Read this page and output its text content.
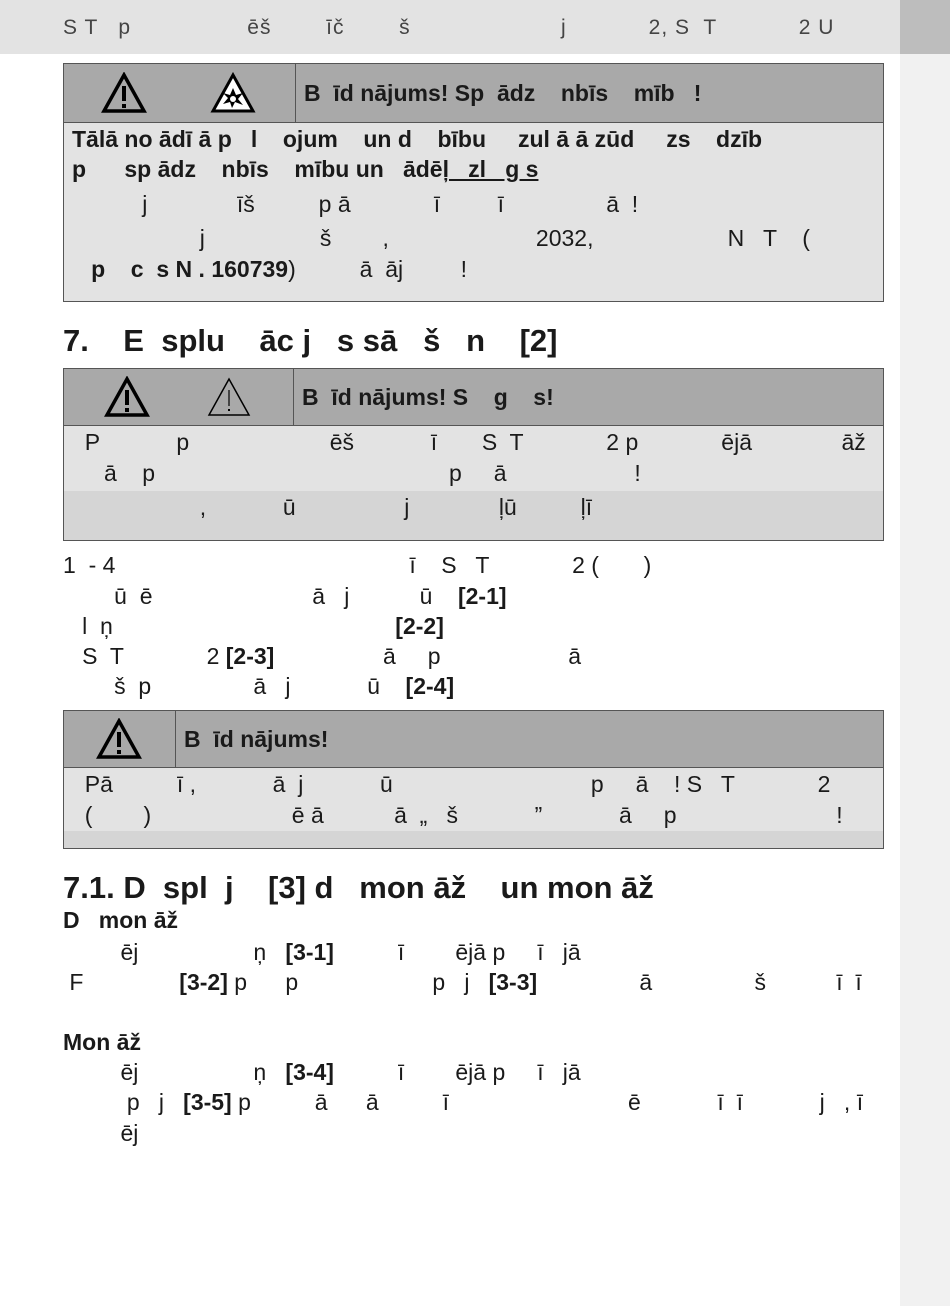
S T   p                 ēš        īč        š                      j            2, S  T            2 U
B  īd nājums! Sp  ādz    nbīs    mīb   !
Tālā no ādī ā p   l    ojum    un d    bību     zul ā ā zūd     zs    dzīb
p      sp ādz    nbīs    mību un   ādēļ   zl   g s
j              īš          p ā             ī         ī                ā  !
j                  š        ,                       2032,                     N   T    (
p    c  s N . 160739)          ā  āj         !
7.    E  splu    āc j   s sā   š   n    [2]
B  īd nājums! S    g    s!
P            p                      ēš            ī       S  T             2 p             ējā              āž
ā    p                                              p     ā                    !
,            ū                 j              ļū          ļī
1  - 4                                              ī    S   T             2 (       )
ū  ē                         ā   j           ū    [2-1]
l  ņ                                     [2-2]
S  T             2 [2-3]                 ā     p                    ā
š  p                ā   j            ū    [2-4]
B  īd nājums!
Pā          ī ,            ā  j            ū                               p     ā    ! S   T             2
(        )                      ē ā           ā  „   š            ”            ā     p                         !
7.1. D  spl  j    [3] d   mon āž    un mon āž
D   mon āž
ēj                  ņ   [3-1]          ī        ējā p     ī   jā
F               [3-2] p      p                     p   j   [3-3]                ā                š           ī  ī
Mon āž
ēj                  ņ   [3-4]          ī        ējā p     ī   jā
p   j   [3-5] p          ā      ā          ī                            ē            ī  ī            j   , ī
ēj
